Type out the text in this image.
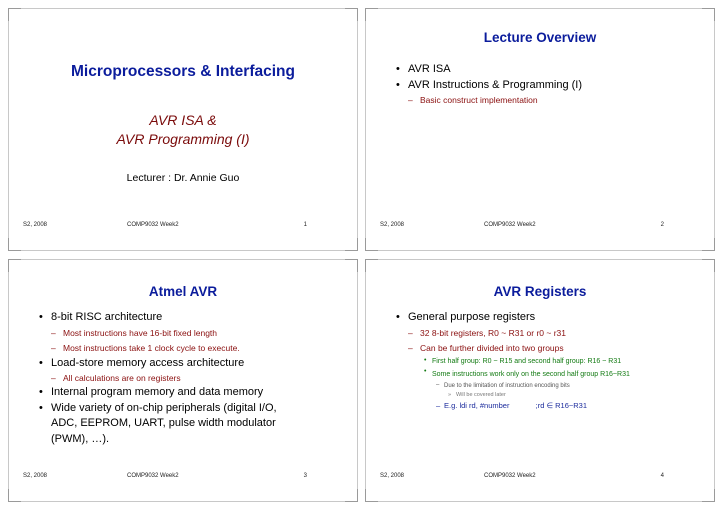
Microprocessors & Interfacing
AVR ISA &
AVR Programming (I)
Lecturer : Dr. Annie Guo
S2, 2008	COMP9032 Week2	1
Lecture Overview
• AVR ISA
• AVR Instructions & Programming (I)
– Basic construct implementation
S2, 2008	COMP9032 Week2	2
Atmel AVR
• 8-bit RISC architecture
– Most instructions have 16-bit fixed length
– Most instructions take 1 clock cycle to execute.
• Load-store memory access architecture
– All calculations are on registers
• Internal program memory and data memory
• Wide variety of on-chip peripherals (digital I/O, ADC, EEPROM, UART, pulse width modulator (PWM), …).
S2, 2008	COMP9032 Week2	3
AVR Registers
• General purpose registers
– 32 8-bit registers, R0 ~ R31 or r0 ~ r31
– Can be further divided into two groups
• First half group: R0 ~ R15 and second half group: R16 ~ R31
• Some instructions work only on the second half group R16~R31
– Due to the limitation of instruction encoding bits
» Will be covered later
– E.g. ldi rd, #number	;rd ∈ R16~R31
S2, 2008	COMP9032 Week2	4
